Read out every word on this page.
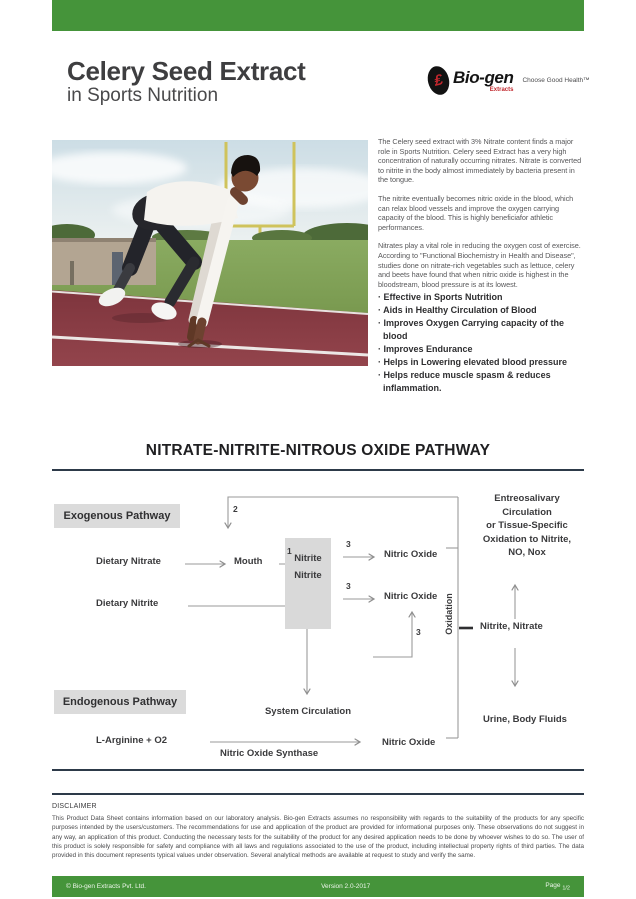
Celery Seed Extract
in Sports Nutrition
₤ Bio-gen
Extracts
Choose Good Health™

The Celery seed extract with 3% Nitrate content finds a major role in Sports Nutrition. Celery seed Extract has a very high concentration of naturally occurring nitrates. Nitrate is converted to nitrite in the body almost immediately by bacteria present in the tongue.

The nitrite eventually becomes nitric oxide in the blood, which can relax blood vessels and improve the oxygen carrying capacity of the blood. This is highly beneficiafor athletic performances.

Nitrates play a vital role in reducing the oxygen cost of exercise. According to "Functional Biochemistry in Health and Disease", studies done on nitrate-rich vegetables such as lettuce, celery and beets have found that when nitric oxide is highest in the bloodstream, blood pressure is at its lowest.

· Effective in Sports Nutrition
· Aids in Healthy Circulation of Blood
· Improves Oxygen Carrying capacity of the blood
· Improves Endurance
· Helps in Lowering elevated blood pressure
· Helps reduce muscle spasm & reduces inflammation.
NITRATE-NITRITE-NITROUS OXIDE PATHWAY
Exogenous Pathway
Endogenous Pathway
Dietary Nitrate	Mouth
Dietary Nitrite
Nitrite
Nitrite
1
2
3
3
3
Nitric Oxide
Nitric Oxide Oxidation
Entreosalivary
Circulation
or Tissue-Specific
Oxidation to Nitrite,
NO, Nox
Nitrite, Nitrate
Urine, Body Fluids
System Circulation
L-Arginine + O2
Nitric Oxide Synthase
Nitric Oxide
DISCLAIMER
This Product Data Sheet contains information based on our laboratory analysis. Bio-gen Extracts assumes no responsibility with regards to the suitability of the products for any specific purposes intended by the users/customers. The recommendations for use and application of the product are provided for informational purposes only. These observations do not suggest in any way, an application of this product. Conducting the necessary tests for the suitability of the product for any desired application needs to be done by whoever wishes to do so. The user of this product is solely responsible for safety and compliance with all laws and regulations associated to the use of the product, including intellectual property rights of third parties. The data provided in this document represents typical values under observation. Several analytical methods are available at request to study and verify the same.
© Bio-gen Extracts Pvt. Ltd.	Version 2.0-2017	Page $_{1/2}$
